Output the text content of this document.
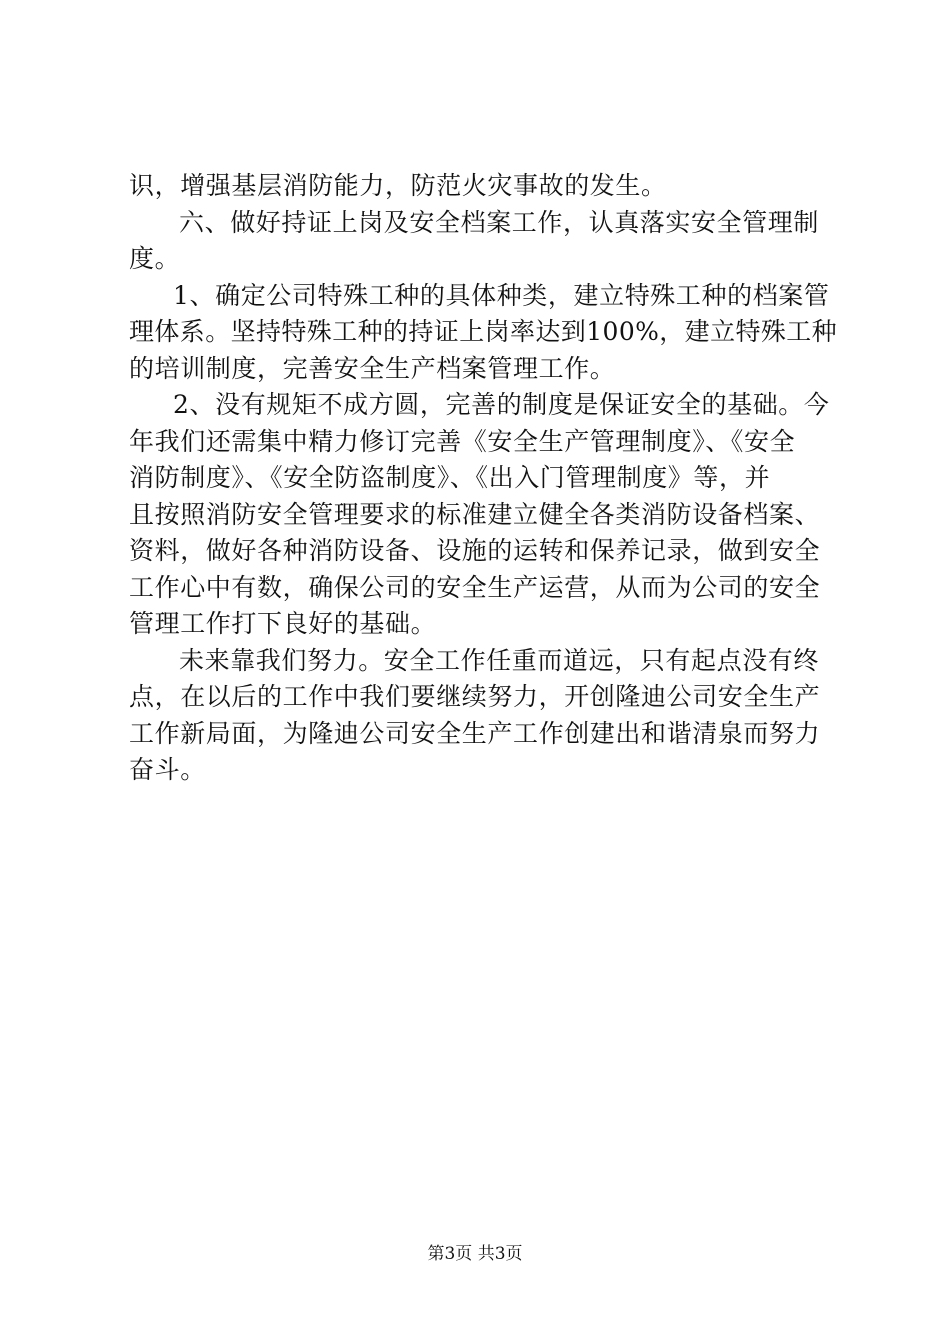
识，增强基层消防能力，防范火灾事故的发生。
六、做好持证上岗及安全档案工作，认真落实安全管理制
度。
1、确定公司特殊工种的具体种类，建立特殊工种的档案管
理体系。坚持特殊工种的持证上岗率达到100%，建立特殊工种
的培训制度，完善安全生产档案管理工作。
2、没有规矩不成方圆，完善的制度是保证安全的基础。今
年我们还需集中精力修订完善《安全生产管理制度》、《安全
消防制度》、《安全防盗制度》、《出入门管理制度》等，并
且按照消防安全管理要求的标准建立健全各类消防设备档案、
资料，做好各种消防设备、设施的运转和保养记录，做到安全
工作心中有数，确保公司的安全生产运营，从而为公司的安全
管理工作打下良好的基础。
未来靠我们努力。安全工作任重而道远，只有起点没有终
点，在以后的工作中我们要继续努力，开创隆迪公司安全生产
工作新局面，为隆迪公司安全生产工作创建出和谐清泉而努力
奋斗。
第3页 共3页
